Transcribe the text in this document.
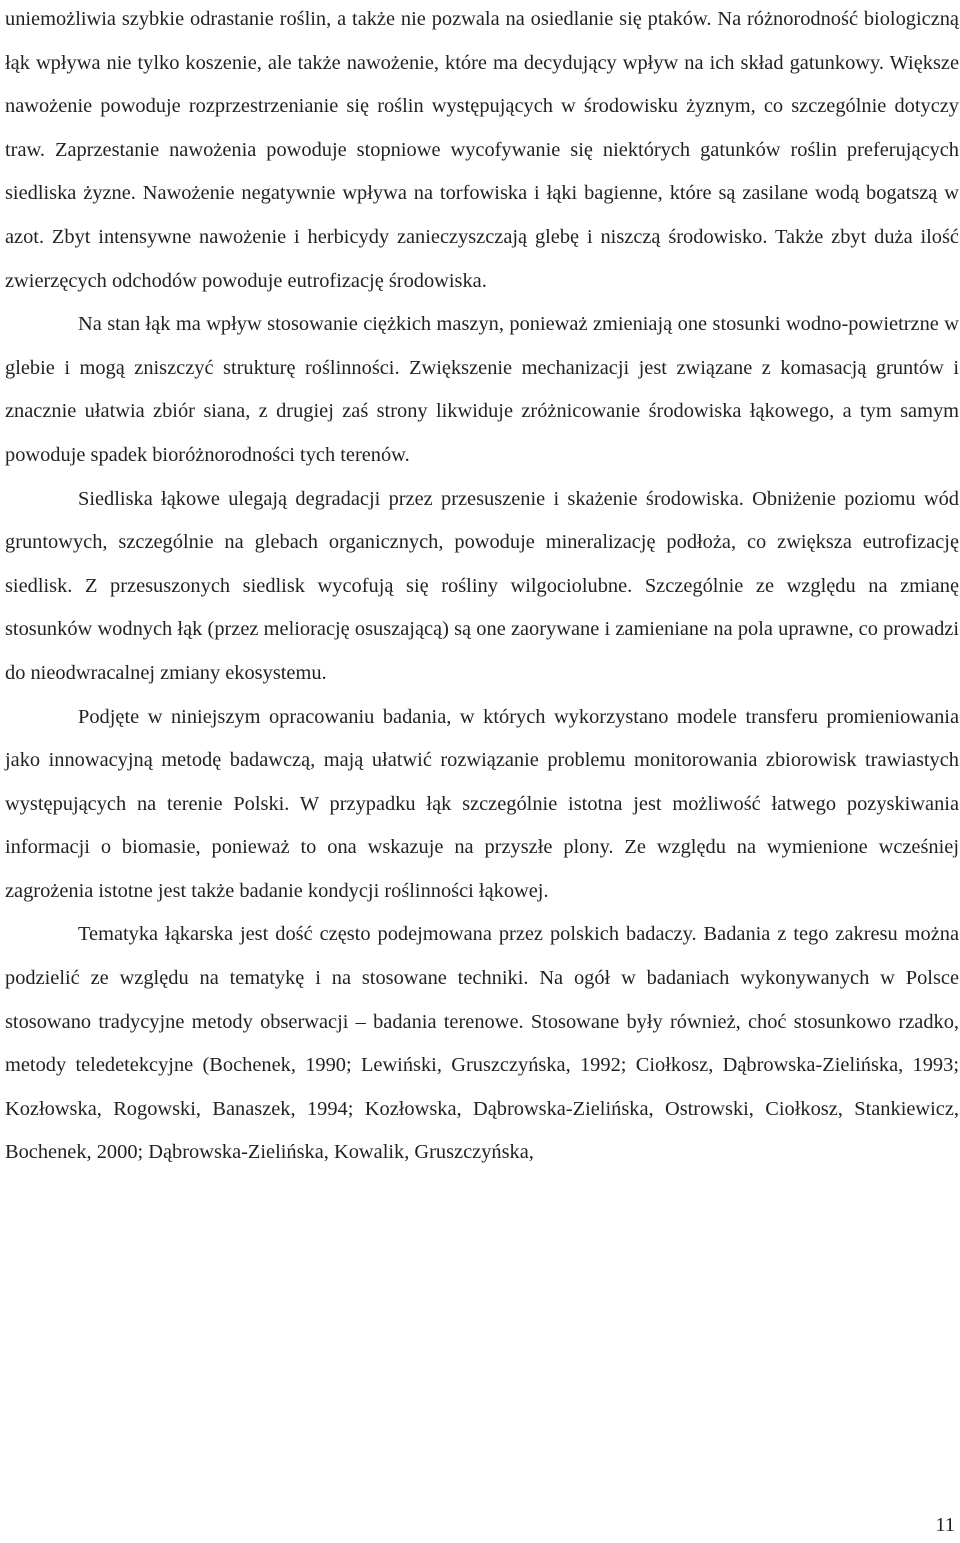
uniemożliwia szybkie odrastanie roślin, a także nie pozwala na osiedlanie się ptaków. Na różnorodność biologiczną łąk wpływa nie tylko koszenie, ale także nawożenie, które ma decydujący wpływ na ich skład gatunkowy. Większe nawożenie powoduje rozprzestrzenianie się roślin występujących w środowisku żyznym, co szczególnie dotyczy traw. Zaprzestanie nawożenia powoduje stopniowe wycofywanie się niektórych gatunków roślin preferujących siedliska żyzne. Nawożenie negatywnie wpływa na torfowiska i łąki bagienne, które są zasilane wodą bogatszą w azot. Zbyt intensywne nawożenie i herbicydy zanieczyszczają glebę i niszczą środowisko. Także zbyt duża ilość zwierzęcych odchodów powoduje eutrofizację środowiska.

Na stan łąk ma wpływ stosowanie ciężkich maszyn, ponieważ zmieniają one stosunki wodno-powietrzne w glebie i mogą zniszczyć strukturę roślinności. Zwiększenie mechanizacji jest związane z komasacją gruntów i znacznie ułatwia zbiór siana, z drugiej zaś strony likwiduje zróżnicowanie środowiska łąkowego, a tym samym powoduje spadek bioróżnorodności tych terenów.

Siedliska łąkowe ulegają degradacji przez przesuszenie i skażenie środowiska. Obniżenie poziomu wód gruntowych, szczególnie na glebach organicznych, powoduje mineralizację podłoża, co zwiększa eutrofizację siedlisk. Z przesuszonych siedlisk wycofują się rośliny wilgociolubne. Szczególnie ze względu na zmianę stosunków wodnych łąk (przez meliorację osuszającą) są one zaorywane i zamieniane na pola uprawne, co prowadzi do nieodwracalnej zmiany ekosystemu.

Podjęte w niniejszym opracowaniu badania, w których wykorzystano modele transferu promieniowania jako innowacyjną metodę badawczą, mają ułatwić rozwiązanie problemu monitorowania zbiorowisk trawiastych występujących na terenie Polski. W przypadku łąk szczególnie istotna jest możliwość łatwego pozyskiwania informacji o biomasie, ponieważ to ona wskazuje na przyszłe plony. Ze względu na wymienione wcześniej zagrożenia istotne jest także badanie kondycji roślinności łąkowej.

Tematyka łąkarska jest dość często podejmowana przez polskich badaczy. Badania z tego zakresu można podzielić ze względu na tematykę i na stosowane techniki. Na ogół w badaniach wykonywanych w Polsce stosowano tradycyjne metody obserwacji – badania terenowe. Stosowane były również, choć stosunkowo rzadko, metody teledetekcyjne (Bochenek, 1990; Lewiński, Gruszczyńska, 1992; Ciołkosz, Dąbrowska-Zielińska, 1993; Kozłowska, Rogowski, Banaszek, 1994; Kozłowska, Dąbrowska-Zielińska, Ostrowski, Ciołkosz, Stankiewicz, Bochenek, 2000; Dąbrowska-Zielińska, Kowalik, Gruszczyńska,

11
